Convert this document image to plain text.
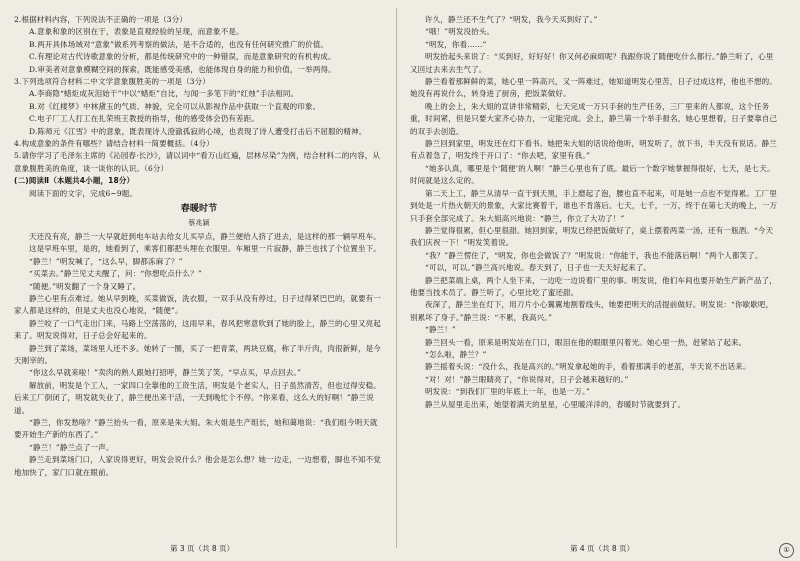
2.根据材料内容，下列说法不正确的一项是（3分）

A.意象和象的区别在于，表象是直观经验的呈现，而意象不是。

B.两开具体场域对“意象”做系列考察的做法，是不合适的，也没有任何研究推广的价值。

C.有理论对古代诗歌意象的分析，都是传统研究中的一种错误，而是意象研究的有机构成。

D.审美者对意象模糊空间的探索，既能感受美感，也能体现自身的能力和价值，一举两得。

3.下列选项符合材料二中文学意象腹胜美的一项是（3分）

A.李商隐“蜡炬成灰泪始干”中以“蜡炬”自比，与闻一多笔下的“红烛”手法相同。

B.对《红楼梦》中林黛玉的气质、神貌，完全可以从影视作品中获取一个直观的印象。

C.电子厂工人打工在扎荣班王教授的指导，他的感受体会仍有差距。

D.陈师元《江雪》中的意象，既表现诗人澄澈孤寂的心境，也表现了诗人遭受打击后不屈服的精神。

4.构成意象的条件有哪些？请结合材料一简要概括。（4分）

5.请你学习了毛泽东主席的《沁园春·长沙》，请以词中“看万山红遍，层林尽染”为例，结合材料二的内容，从意象腹胜美的角度，谈一谈你的认识。（6分）

(二)阅读Ⅱ（本题共4小题，18分）

阅读下面的文字，完成6~9题。

春暖时节

蔡兆颖

天还没有亮，静兰一大早就赶到电车站去给女儿买早点，静兰便给人挤了进去，是这样的那一辆早班车。

这是早班车里，是的，她看到了，乘客们都把头埋在衣服里。车厢里一片寂静，静兰也找了个位置坐下。

“静兰！”明发喊了，“这么早，脚都冻麻了？”

“买菜去。”静兰见丈夫醒了，问：“你想吃点什么？”

“随便。”明发翻了一个身又睡了。

静兰心里有点难过。她从早到晚，买菜做饭，洗衣服，一双手从没有停过，日子过得紧巴巴的，就要有一家人都是这样的，但是丈夫也没心地说，“随便”。

静兰咬了一口气走出门来，马路上空荡荡的，这雨早来，春风把寒意吹到了她的脸上，静兰的心里又亮起来了。明发说得对，日子总会好起来的。

静兰到了菜场，菜场里人还不多。她转了一圈，买了一把青菜，两块豆腐，称了半斤肉，肉很新鲜，是今天刚宰的。

“你这么早就来啦！”卖肉的熟人跟她打招呼，静兰笑了笑，“早点买，早点回去。”

解放前，明发是个工人，一家四口全靠他的工资生活，明发是个老实人，日子虽然清苦，但也过得安稳。后来工厂倒闭了，明发就失业了，静兰便出来干活，一天到晚忙个不停。“你来看，这么大的好啊！”静兰说道。

“静兰，你发愁啥？”静兰抬头一看，原来是朱大姐。朱大姐是生产组长，她和蔼地说：“我们组今明天就要开始生产新的东西了。”

“静兰！”静兰点了一声。

静兰走到菜场门口，人家说得更好，明发会说什么？他会是怎么想？她一边走，一边想着，脚也不知不觉地加快了，家门口就在眼前。

许久，静兰还不生气了？“明发，我今天买到好了。”

“哦！”明发没抬头。

“明发，你看……”

明发抬起头来说了：“买到好，好好好！你又何必麻烦呢？我跟你说了随便吃什么都行。”静兰听了，心里又回过去来去生气了。

静兰看着那鲜鲜的菜，她心里一阵高兴，又一阵难过，她知道明发心里苦，日子过成这样，他也不想的。她没有再说什么，转身进了厨房，把饭菜做好。

晚上的会上，朱大姐的宣讲非常精彩，七天完成一万只手套的生产任务，三厂里来的人都说，这个任务重，时间紧，但是只要大家齐心协力，一定能完成。会上，静兰第一个举手报名，她心里想着，日子要靠自己的双手去创造。

静兰回到家里，明发还在灯下看书。她把朱大姐的话说给他听，明发听了，放下书，半天没有说话。静兰有点着急了，明发终于开口了：“你去吧，家里有我。”

“她多认真，哪里是个‘随便’的人啊！”静兰心里也有了底。最后一个数字她掌握得很好，七天，是七天。时间就是这么定的。

第二天上工，静兰从清早一直干到天黑，手上磨起了泡，腰也直不起来，可是她一点也不觉得累。工厂里到处是一片热火朝天的景象，大家比赛着干，谁也不肯落后。七天，七千，一万，终于在第七天的晚上，一万只手套全部完成了。朱大姐高兴地说：“静兰，你立了大功了！”

静兰觉得很累，但心里很甜。她回到家，明发已经把饭做好了，桌上摆着两菜一汤，还有一瓶酒。“今天我们庆祝一下！”明发笑着说。

“我？”静兰愣住了，“明发，你也会做饭了？”明发说：“你能干，我也不能落后啊！”两个人都笑了。

“可以，可以。”静兰高兴地说。春天到了，日子也一天天好起来了。

静兰把菜端上桌，两个人坐下来，一边吃一边说着厂里的事。明发说，他们车间也要开始生产新产品了，他要当技术员了。静兰听了，心里比吃了蜜还甜。

夜深了，静兰坐在灯下，用刀片小心翼翼地割着线头，她要把明天的活提前做好。明发说：“你歇歇吧，别累坏了身子。”静兰说：“不累，我高兴。”

“静兰！”

静兰回头一看，原来是明发站在门口，眼泪在他的眼眶里闪着光。她心里一热，赶紧站了起来。

“怎么啦，静兰？”

静兰摇着头说：“没什么，我是高兴的。”明发拿起她的手，看着那满手的老茧，半天说不出话来。

“对！对！”静兰眼睛亮了，“你说得对，日子会越来越好的。”

明发说：“到我们厂里的年底上一年，也是一万。”

静兰从屋里走出来，她望着满天的星星，心里暖洋洋的，春暖时节就要到了。

第 3 页（共 8 页）	第 4 页（共 8 页）	①
